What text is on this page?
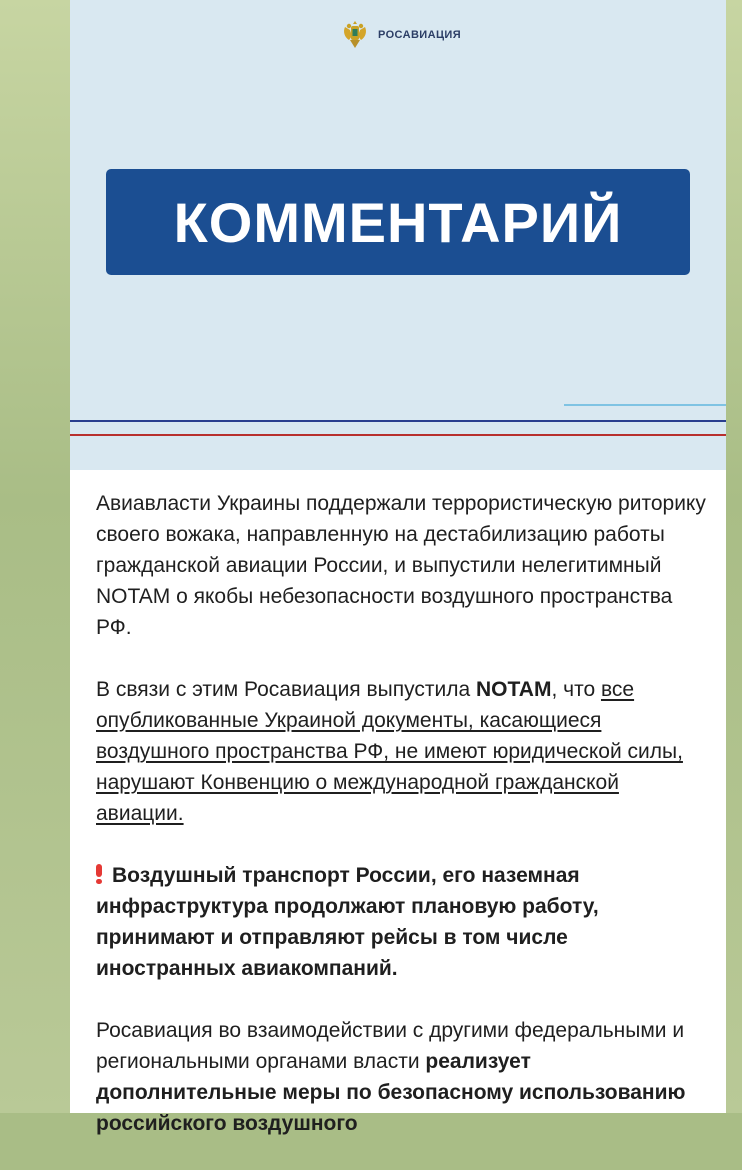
РОСАВИАЦИЯ
КОММЕНТАРИЙ

Авиавласти Украины поддержали террористическую риторику своего вожака, направленную на дестабилизацию работы гражданской авиации России, и выпустили нелегитимный NOTAM о якобы небезопасности воздушного пространства РФ.

В связи с этим Росавиация выпустила NOTAM, что все опубликованные Украиной документы, касающиеся воздушного пространства РФ, не имеют юридической силы, нарушают Конвенцию о международной гражданской авиации.

Воздушный транспорт России, его наземная инфраструктура продолжают плановую работу, принимают и отправляют рейсы в том числе иностранных авиакомпаний.

Росавиация во взаимодействии с другими федеральными и региональными органами власти реализует дополнительные меры по безопасному использованию российского воздушного
